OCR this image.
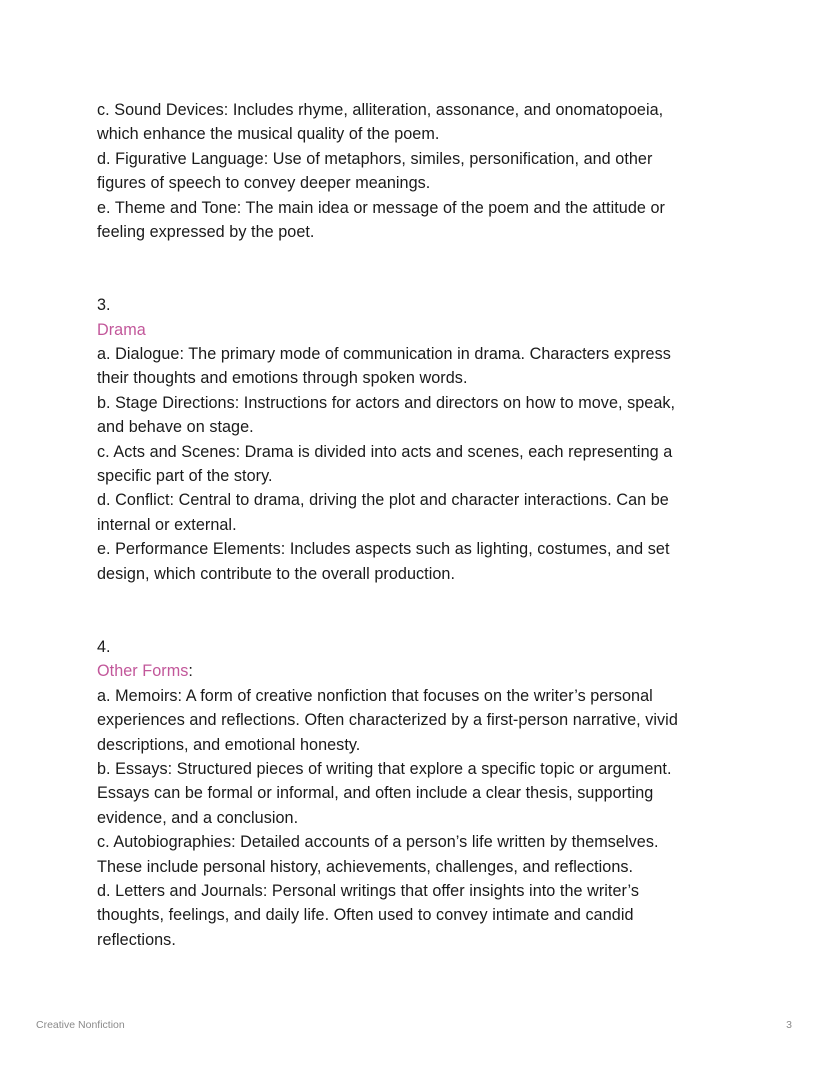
c. Sound Devices: Includes rhyme, alliteration, assonance, and onomatopoeia,
which enhance the musical quality of the poem.
d. Figurative Language: Use of metaphors, similes, personification, and other
figures of speech to convey deeper meanings.
e. Theme and Tone: The main idea or message of the poem and the attitude or
feeling expressed by the poet.
3.
Drama
a. Dialogue: The primary mode of communication in drama. Characters express
their thoughts and emotions through spoken words.
b. Stage Directions: Instructions for actors and directors on how to move, speak,
and behave on stage.
c. Acts and Scenes: Drama is divided into acts and scenes, each representing a
specific part of the story.
d. Conflict: Central to drama, driving the plot and character interactions. Can be
internal or external.
e. Performance Elements: Includes aspects such as lighting, costumes, and set
design, which contribute to the overall production.
4.
Other Forms:
a. Memoirs: A form of creative nonfiction that focuses on the writer’s personal
experiences and reflections. Often characterized by a first-person narrative, vivid
descriptions, and emotional honesty.
b. Essays: Structured pieces of writing that explore a specific topic or argument.
Essays can be formal or informal, and often include a clear thesis, supporting
evidence, and a conclusion.
c. Autobiographies: Detailed accounts of a person’s life written by themselves.
These include personal history, achievements, challenges, and reflections.
d. Letters and Journals: Personal writings that offer insights into the writer’s
thoughts, feelings, and daily life. Often used to convey intimate and candid
reflections.
Creative Nonfiction	3
